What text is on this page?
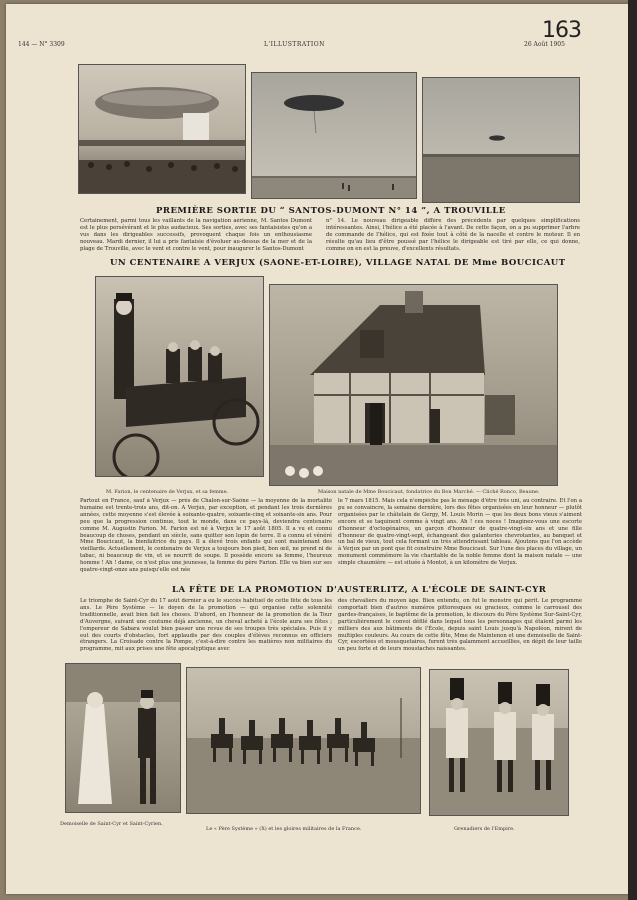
144 — N° 3309	L'ILLUSTRATION	26 Août 1905
163
PREMIÈRE SORTIE DU “ SANTOS-DUMONT N° 14 ”, A TROUVILLE
Certainement, parmi tous les vaillants de la navigation aérienne, M. Santos Dumont est le plus persévérant et le plus audacieux. Ses sorties, avec ses fantaisistes qu'on a vus dans les dirigeables successifs, provoquent chaque fois un enthousiasme nouveau. Mardi dernier, il lui a pris fantaisie d'évoluer au-dessus de la mer et de la plage de Trouville, avec le vent et contre le vent, pour inaugurer le Santos-Dumont
n° 14. Le nouveau dirigeable diffère des précédents par quelques simplifications intéressantes. Ainsi, l'hélice a été placée à l'avant. De cette façon, on a pu supprimer l'arbre de commande de l'hélice, qui est fixée tout à côté de la nacelle et contre le moteur. Il en résulte qu'au lieu d'être poussé par l'hélice le dirigeable est tiré par elle, ce qui donne, comme on en est la preuve, d'excellents résultats.
UN CENTENAIRE A VERJUX (SAONE-ET-LOIRE), VILLAGE NATAL DE Mme BOUCICAUT
M. Farion, le centenaire de Verjux, et sa femme.	Maison natale de Mme Boucicaut, fondatrice du Bon Marché. — Cliché Ronco, Beaune.
Partout en France, sauf à Verjux — près de Chalon-sur-Saône — la moyenne de la mortalité humaine est trente-trois ans, dit-on. A Verjux, par exception, et pendant les trois dernières années, cette moyenne s'est élevée à soixante-quatre, soixante-cinq et soixante-six ans. Pour peu que la progression continue, tout le monde, dans ce pays-là, deviendra centenaire comme M. Augustin Farion. M. Farion est né à Verjux le 17 août 1805. Il a vu et connu beaucoup de choses, pendant un siècle, sans quitter son lopin de terre. Il a connu et vénéré Mme Boucicaut, la bienfaitrice du pays. Il a élevé trois enfants qui sont maintenant des vieillards. Actuellement, le centenaire de Verjux a toujours bon pied, bon œil, ne prend ni de tabac, ni beaucoup de vin, et se nourrit de soupe. Il possède encore sa femme, l'heureux homme ! Ah ! dame, ce n'est plus une jeunesse, la femme du père Farion. Elle va bien sur ses quatre-vingt-onze ans puisqu'elle est née
le 7 mars 1815. Mais cela n'empêche pas le ménage d'être très uni, au contraire. Et l'on a pu se convaincre, la semaine dernière, lors des fêtes organisées en leur honneur — plutôt organisées par le châtelain de Gergy, M. Louis Morin — que les deux bons vieux s'aiment encore et se taquinent comme à vingt ans. Ah ! ces noces ! Imaginez-vous une escorte d'honneur d'octogénaires, un garçon d'honneur de quatre-vingt-six ans et une fille d'honneur de quatre-vingt-sept, échangeant des galanteries chevrotantes, au banquet et un bal de vieux, tout cela formant un très attendrissant tableau. Ajoutons que l'on accède à Verjux par un pont que fit construire Mme Boucicaut. Sur l'une des places du village, un monument commémore la vie charitable de la noble femme dont la maison natale — une simple chaumière — est située à Montot, à un kilomètre de Verjux.
LA FÊTE DE LA PROMOTION D'AUSTERLITZ, A L'ÉCOLE DE SAINT-CYR
Le triomphe de Saint-Cyr du 17 août dernier a eu le succès habituel de cette fête de tous les ans. Le Père Système — le doyen de la promotion — qui organise cette solennité traditionnelle, avait bien fait les choses. D'abord, en l'honneur de la promotion de la Tour d'Auvergne, suivant une coutume déjà ancienne, un cheval acheté à l'école aura ses fêtes ; l'empereur de Sabara voulut bien passer une revue de ses troupes très spéciales. Puis il y eut des courts d'obstacles, fort applaudis par des couples d'élèves reconnus en officiers étrangers. La Croisade contre la Pompe, c'est-à-dire contre les matières non militaires du programme, mit aux prises une fête apocalyptique avec
des chevaliers du moyen âge. Bien entendu, on fut le monstre qui périt. Le programme comportait bien d'autres numéros pittoresques ou gracieux, comme le carrousel des gardes-françaises, le baptême de la promotion, le discours du Père Système Sur-Saint-Cyr, particulièrement le convoi défilé dans lequel tous les personnages qui étaient parmi les milliers des aux bâtiments de l'École, depuis saint Louis jusqu'à Napoléon, mirent de multiples couleurs. Au cours de cette fête, Mme de Maintenon et une demoiselle de Saint-Cyr, escortées et mousquetaires, furent très galamment accueillies, en dépit de leur taille un peu forte et de leurs moustaches naissantes.
Demoiselle de Saint-Cyr et Saint-Cyrien.
Le « Père Système » (X) et les gloires militaires de la France.	Grenadiers de l'Empire.
